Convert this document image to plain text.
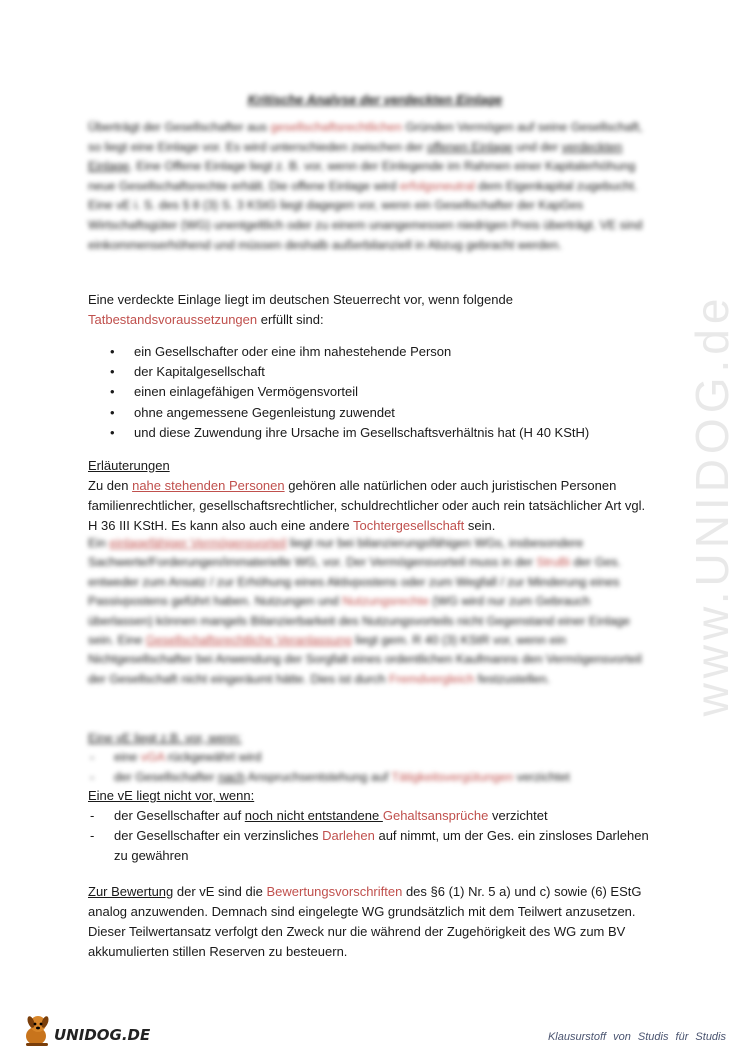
Kritische Analyse der verdeckten Einlage
Überträgt der Gesellschafter aus gesellschaftsrechtlichen Gründen Vermögen auf seine Gesellschaft, so liegt eine Einlage vor. Es wird unterschieden zwischen der offenen Einlage und der verdeckten Einlage. Eine Offene Einlage liegt z. B. vor, wenn der Einlegende im Rahmen einer Kapitalerhöhung neue Gesellschaftsrechte erhält. Die offene Einlage wird erfolgsneutral dem Eigenkapital zugebucht. Eine vE i. S. des § 8 (3) S. 3 KStG liegt dagegen vor, wenn ein Gesellschafter der KapGes Wirtschaftsgüter (WG) unentgeltlich oder zu einem unangemessen niedrigen Preis überträgt. VE sind einkommenserhöhend und müssen deshalb außerbilanziell in Abzug gebracht werden.
Eine verdeckte Einlage liegt im deutschen Steuerrecht vor, wenn folgende Tatbestandsvoraussetzungen erfüllt sind:
• ein Gesellschafter oder eine ihm nahestehende Person
• der Kapitalgesellschaft
• einen einlagefähigen Vermögensvorteil
• ohne angemessene Gegenleistung zuwendet
• und diese Zuwendung ihre Ursache im Gesellschaftsverhältnis hat (H 40 KStH)
Erläuterungen
Zu den nahe stehenden Personen gehören alle natürlichen oder auch juristischen Personen familienrechtlicher, gesellschaftsrechtlicher, schuldrechtlicher oder auch rein tatsächlicher Art vgl. H 36 III KStH. Es kann also auch eine andere Tochtergesellschaft sein.
Ein einlagefähiger Vermögensvorteil liegt nur bei bilanzierungsfähigen WGs, insbesondere Sachwerte/Forderungen/immaterielle WG, vor. Der Vermögensvorteil muss in der StruBi der Ges. entweder zum Ansatz / zur Erhöhung eines Aktivpostens oder zum Wegfall / zur Minderung eines Passivpostens geführt haben. Nutzungen und Nutzungsrechte (WG wird nur zum Gebrauch überlassen) können mangels Bilanzierbarkeit des Nutzungsvorteils nicht Gegenstand einer Einlage sein. Eine Gesellschaftsrechtliche Veranlassung liegt gem. R 40 (3) KStR vor, wenn ein Nichtgesellschafter bei Anwendung der Sorgfalt eines ordentlichen Kaufmanns den Vermögensvorteil der Gesellschaft nicht eingeräumt hätte. Dies ist durch Fremdvergleich festzustellen.
Eine vE liegt z.B. vor, wenn:
- eine vGA rückgewährt wird
- der Gesellschafter nach Anspruchsentstehung auf Tätigkeitsvergütungen verzichtet
Eine vE liegt nicht vor, wenn:
- der Gesellschafter auf noch nicht entstandene Gehaltsansprüche verzichtet
- der Gesellschafter ein verzinsliches Darlehen auf nimmt, um der Ges. ein zinsloses Darlehen zu gewähren
Zur Bewertung der vE sind die Bewertungsvorschriften des §6 (1) Nr. 5 a) und c) sowie (6) EStG analog anzuwenden. Demnach sind eingelegte WG grundsätzlich mit dem Teilwert anzusetzen. Dieser Teilwertansatz verfolgt den Zweck nur die während der Zugehörigkeit des WG zum BV akkumulierten stillen Reserven zu besteuern.
www.UNIDOG.de
UNIDOG.DE	Klausurstoff von Studis für Studis
